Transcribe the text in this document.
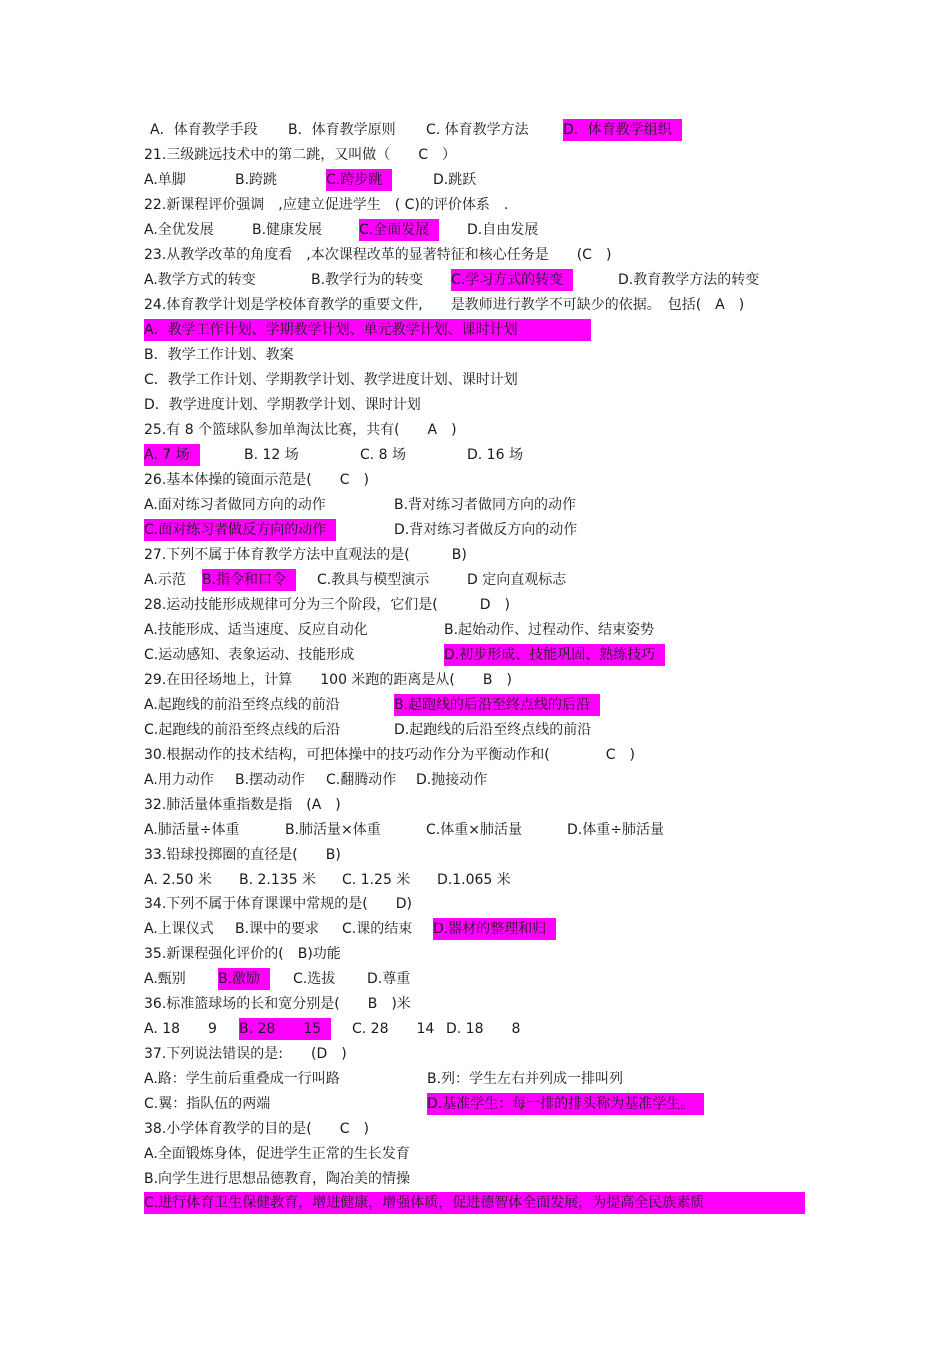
A．体育教学手段

B．体育教学原则

C. 体育教学方法

D．体育教学组织

21.三级跳远技术中的第二跳，又叫做（　　C　）

A.单脚

	B.跨跳

	C.跨步跳

	D.跳跃

22.新课程评价强调　,应建立促进学生　( C)的评价体系　.

A.全优发展

	B.健康发展

	C.全面发展

	D.自由发展

23.从教学改革的角度看　,本次课程改革的显著特征和核心任务是　　(C　)

A.教学方式的转变

	B.教学行为的转变

C.学习方式的转变

	D.教育教学方法的转变

24.体育教学计划是学校体育教学的重要文件,　　是教师进行教学不可缺少的依据。　包括(　A　)
A．教学工作计划、学期教学计划、单元教学计划、课时计划
B．教学工作计划、教案
C．教学工作计划、学期教学计划、教学进度计划、课时计划
D．教学进度计划、学期教学计划、课时计划
25.有 8 个篮球队参加单淘汰比赛，共有(　　A　)

A. 7 场

	B. 12 场

	C. 8 场

	D. 16 场

26.基本体操的镜面示范是(　　C　)

A.面对练习者做同方向的动作

	B.背对练习者做同方向的动作

C.面对练习者做反方向的动作

	D.背对练习者做反方向的动作

27.下列不属于体育教学方法中直观法的是(　　　B)

A.示范

B.指令和口令

	C.教具与模型演示

	D 定向直观标志

28.运动技能形成规律可分为三个阶段，它们是(　　　D　)

A.技能形成、适当速度、反应自动化

	B.起始动作、过程动作、结束姿势

C.运动感知、表象运动、技能形成

	D.初步形成、技能巩固、熟练技巧

29.在田径场地上，计算　　100 米跑的距离是从(　　B　)

A.起跑线的前沿至终点线的前沿

	B.起跑线的后沿至终点线的后沿

C.起跑线的前沿至终点线的后沿

	D.起跑线的后沿至终点线的前沿

30.根据动作的技术结构，可把体操中的技巧动作分为平衡动作和(　　　　C　)

A.用力动作

B.摆动动作

C.翻腾动作

D.抛接动作

32.肺活量体重指数是指　(A　)

A.肺活量÷体重

	B.肺活量×体重

	C.体重×肺活量

	D.体重÷肺活量

33.铅球投掷圈的直径是(　　B)

A. 2.50 米

B. 2.135 米

C. 1.25 米

D.1.065 米

34.下列不属于体育课课中常规的是(　　D)

A.上课仪式

B.课中的要求

C.课的结束

D.器材的整理和归

35.新课程强化评价的(　B)功能

A.甄别

B.激励

	C.选拔

D.尊重

36.标准篮球场的长和宽分别是(　　B　)米

A. 18　　9

B. 28　　15

	C. 28　　14

D. 18　　8

37.下列说法错误的是:　　(D　)

A.路：学生前后重叠成一行叫路

	B.列：学生左右并列成一排叫列

C.翼：指队伍的两端

	D.基准学生：每一排的排头称为基准学生。

38.小学体育教学的目的是(　　C　)
A.全面锻炼身体，促进学生正常的生长发育
B.向学生进行思想品德教育，陶冶美的情操
C.进行体育卫生保健教育，增进健康，增强体质，促进德智体全面发展，为提高全民族素质
